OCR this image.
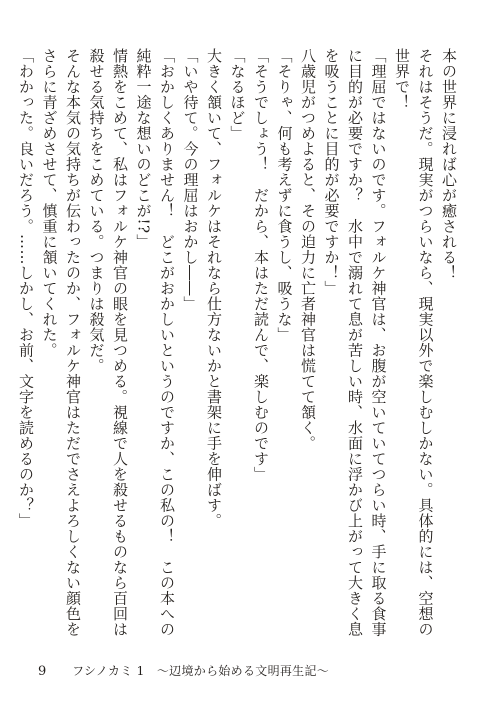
本の世界に浸れば心が癒される！

それはそうだ。現実がつらいなら、現実以外で楽しむしかない。具体的には、空想の世界で！

「理屈ではないのです。フォルケ神官は、お腹が空いていてつらい時、手に取る食事に目的が必要ですか？　水中で溺れて息が苦しい時、水面に浮かび上がって大きく息を吸うことに目的が必要ですか！」

八歳児がつめよると、その迫力に亡者神官は慌てて頷く。

「そりゃ、何も考えずに食うし、吸うな」

「そうでしょう！　だから、本はただ読んで、楽しむのです」

「なるほど」

大きく頷いて、フォルケはそれなら仕方ないかと書架に手を伸ばす。

「いや待て。今の理屈はおかし――」

「おかしくありません！　どこがおかしいというのですか、この私の！　この本への純粋一途な想いのどこが!?」

情熱をこめて、私はフォルケ神官の眼を見つめる。視線で人を殺せるものなら百回は殺せる気持ちをこめている。つまりは殺気だ。

そんな本気の気持ちが伝わったのか、フォルケ神官はただでさえよろしくない顔色をさらに青ざめさせて、慎重に頷いてくれた。

「わかった。良いだろう。……しかし、お前、文字を読めるのか？」

9 フシノカミ 1　～辺境から始める文明再生記～
